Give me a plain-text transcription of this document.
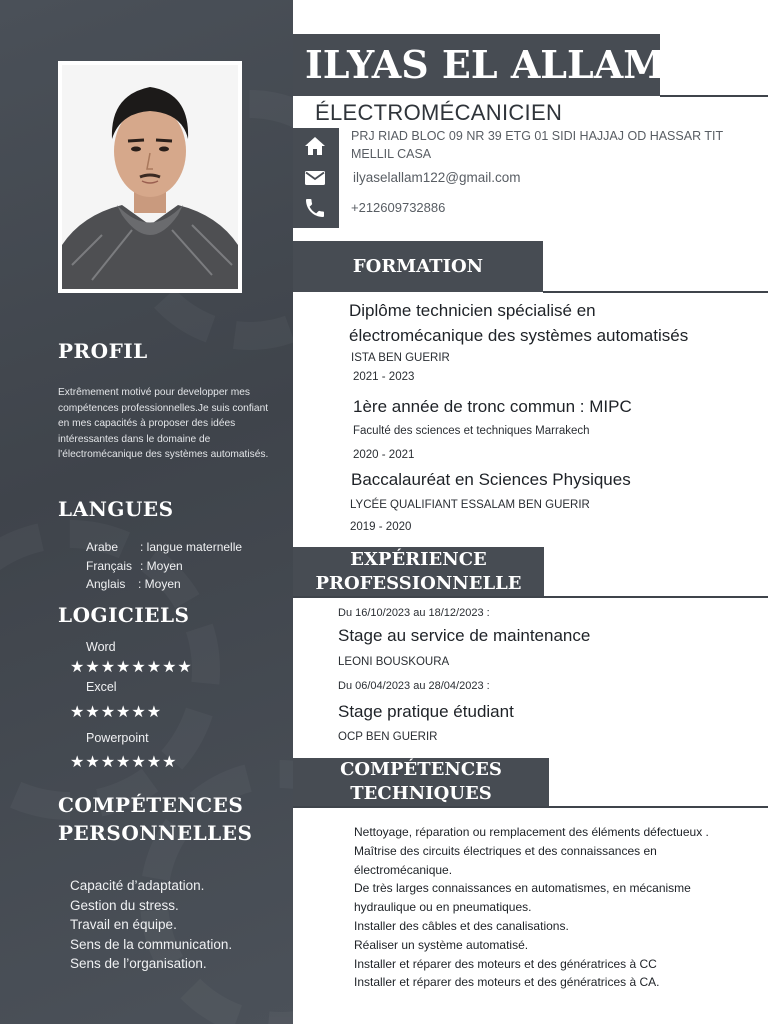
PROFIL
Extrêmement motivé pour developper mes compétences professionnelles.Je suis confiant en mes capacités à proposer des idées intéressantes dans le domaine de l'électromécanique des systèmes automatisés.
LANGUES
Arabe	: langue maternelle
Français : Moyen
Anglais	: Moyen
LOGICIELS
Word
★★★★★★★★
Excel
★★★★★★
Powerpoint
★★★★★★★
COMPÉTENCES
PERSONNELLES
Capacité d’adaptation.
Gestion du stress.
Travail en équipe.
Sens de la communication.
Sens de l’organisation.
ILYAS EL ALLAM
ÉLECTROMÉCANICIEN
PRJ RIAD BLOC 09 NR 39 ETG 01 SIDI HAJJAJ OD HASSAR TIT MELLIL CASA
ilyaselallam122@gmail.com
+212609732886
FORMATION
Diplôme technicien spécialisé en
électromécanique des systèmes automatisés
ISTA BEN GUERIR
2021 - 2023
1ère année de tronc commun : MIPC
Faculté des sciences et techniques Marrakech
2020 - 2021
Baccalauréat en Sciences Physiques
LYCÉE QUALIFIANT ESSALAM BEN GUERIR
2019 - 2020
EXPÉRIENCE
PROFESSIONNELLE
Du 16/10/2023 au 18/12/2023 :
Stage au service de maintenance
LEONI BOUSKOURA
Du 06/04/2023 au 28/04/2023 :
Stage pratique étudiant
OCP BEN GUERIR
COMPÉTENCES
TECHNIQUES
Nettoyage, réparation ou remplacement des éléments défectueux .
Maîtrise des circuits électriques et des connaissances en électromécanique.
De très larges connaissances en automatismes, en mécanisme hydraulique ou en pneumatiques.
Installer des câbles et des canalisations.
Réaliser un système automatisé.
Installer et réparer des moteurs et des génératrices à CC
Installer et réparer des moteurs et des génératrices à CA.
